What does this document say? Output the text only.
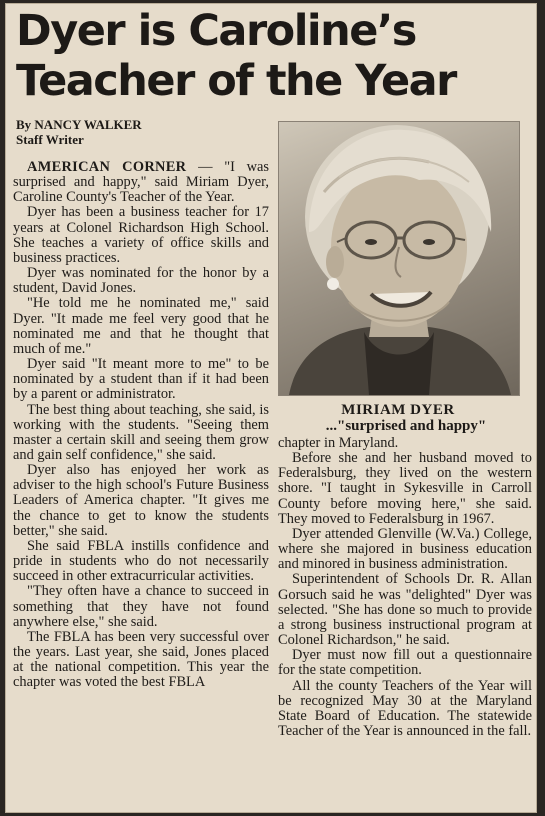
Dyer is Caroline’s
Teacher of the Year
By NANCY WALKER
Staff Writer

AMERICAN CORNER — "I was surprised and happy," said Miriam Dyer, Caroline County's Teacher of the Year.

Dyer has been a business teacher for 17 years at Colonel Richardson High School. She teaches a variety of office skills and business practices.

Dyer was nominated for the honor by a student, David Jones.

"He told me he nominated me," said Dyer. "It made me feel very good that he nominated me and that he thought that much of me."

Dyer said "It meant more to me" to be nominated by a student than if it had been by a parent or administrator.

The best thing about teaching, she said, is working with the students. "Seeing them master a certain skill and seeing them grow and gain self confidence," she said.

Dyer also has enjoyed her work as adviser to the high school's Future Business Leaders of America chapter. "It gives me the chance to get to know the students better," she said.

She said FBLA instills confidence and pride in students who do not necessarily succeed in other extracurricular activities.

"They often have a chance to succeed in something that they have not found anywhere else," she said.

The FBLA has been very successful over the years. Last year, she said, Jones placed at the national competition. This year the chapter was voted the best FBLA

MIRIAM DYER
..."surprised and happy"

chapter in Maryland.

Before she and her husband moved to Federalsburg, they lived on the western shore. "I taught in Sykesville in Carroll County before moving here," she said. They moved to Federalsburg in 1967.

Dyer attended Glenville (W.Va.) College, where she majored in business education and minored in business administration.

Superintendent of Schools Dr. R. Allan Gorsuch said he was "delighted" Dyer was selected. "She has done so much to provide a strong business instructional program at Colonel Richardson," he said.

Dyer must now fill out a questionnaire for the state competition.

All the county Teachers of the Year will be recognized May 30 at the Maryland State Board of Education. The statewide Teacher of the Year is announced in the fall.
